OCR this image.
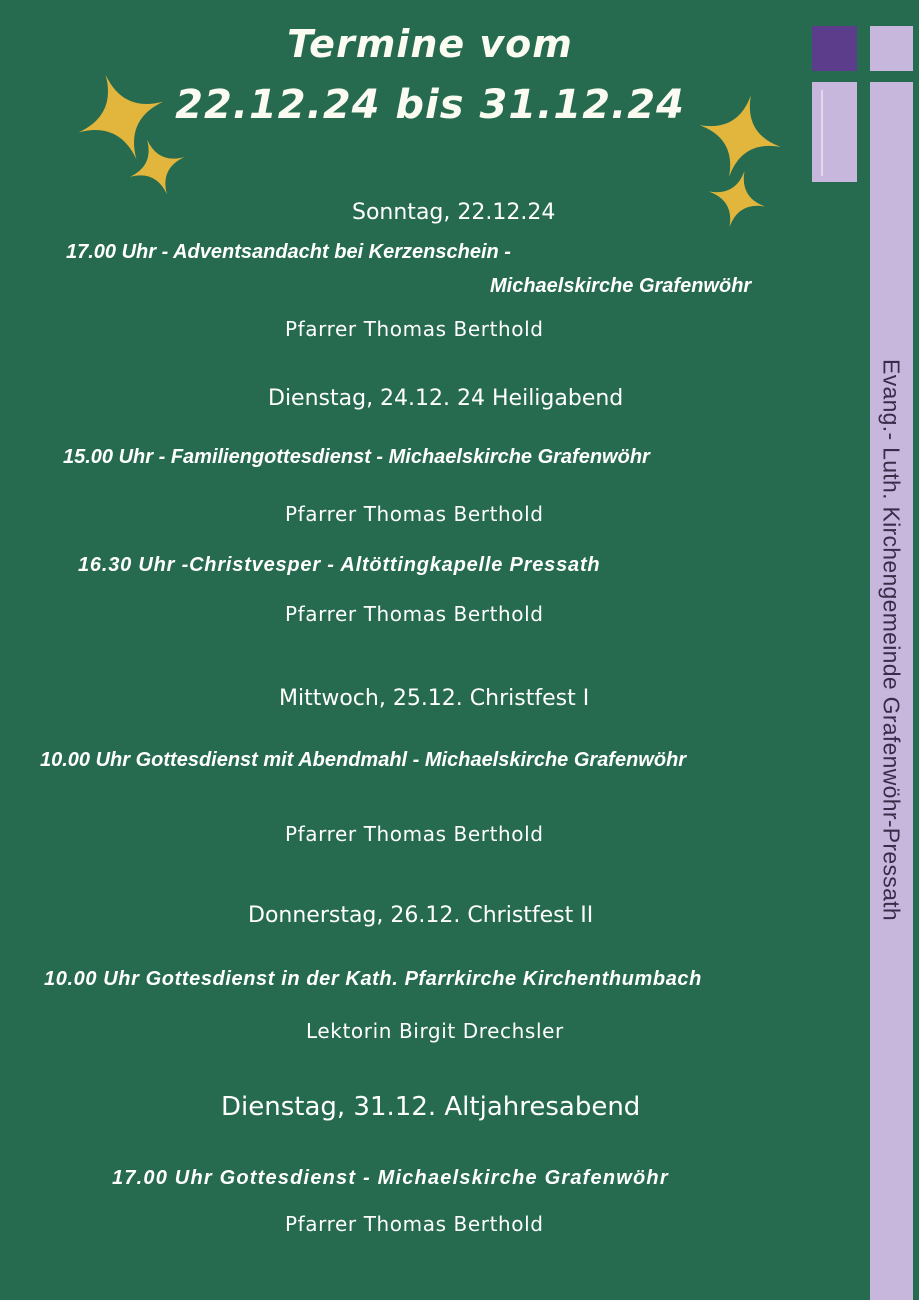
Evang.- Luth. Kirchengemeinde Grafenwöhr-Pressath
Termine vom
22.12.24 bis 31.12.24
Sonntag, 22.12.24
17.00 Uhr - Adventsandacht bei Kerzenschein -
Michaelskirche Grafenwöhr
Pfarrer Thomas Berthold
Dienstag, 24.12. 24 Heiligabend
15.00 Uhr - Familiengottesdienst - Michaelskirche Grafenwöhr
Pfarrer Thomas Berthold
16.30 Uhr -Christvesper - Altöttingkapelle Pressath
Pfarrer Thomas Berthold
Mittwoch, 25.12. Christfest I
10.00 Uhr Gottesdienst mit Abendmahl - Michaelskirche Grafenwöhr
Pfarrer Thomas Berthold
Donnerstag, 26.12. Christfest II
10.00 Uhr Gottesdienst in der Kath. Pfarrkirche Kirchenthumbach
Lektorin Birgit Drechsler
Dienstag, 31.12. Altjahresabend
17.00 Uhr Gottesdienst - Michaelskirche Grafenwöhr
Pfarrer Thomas Berthold
